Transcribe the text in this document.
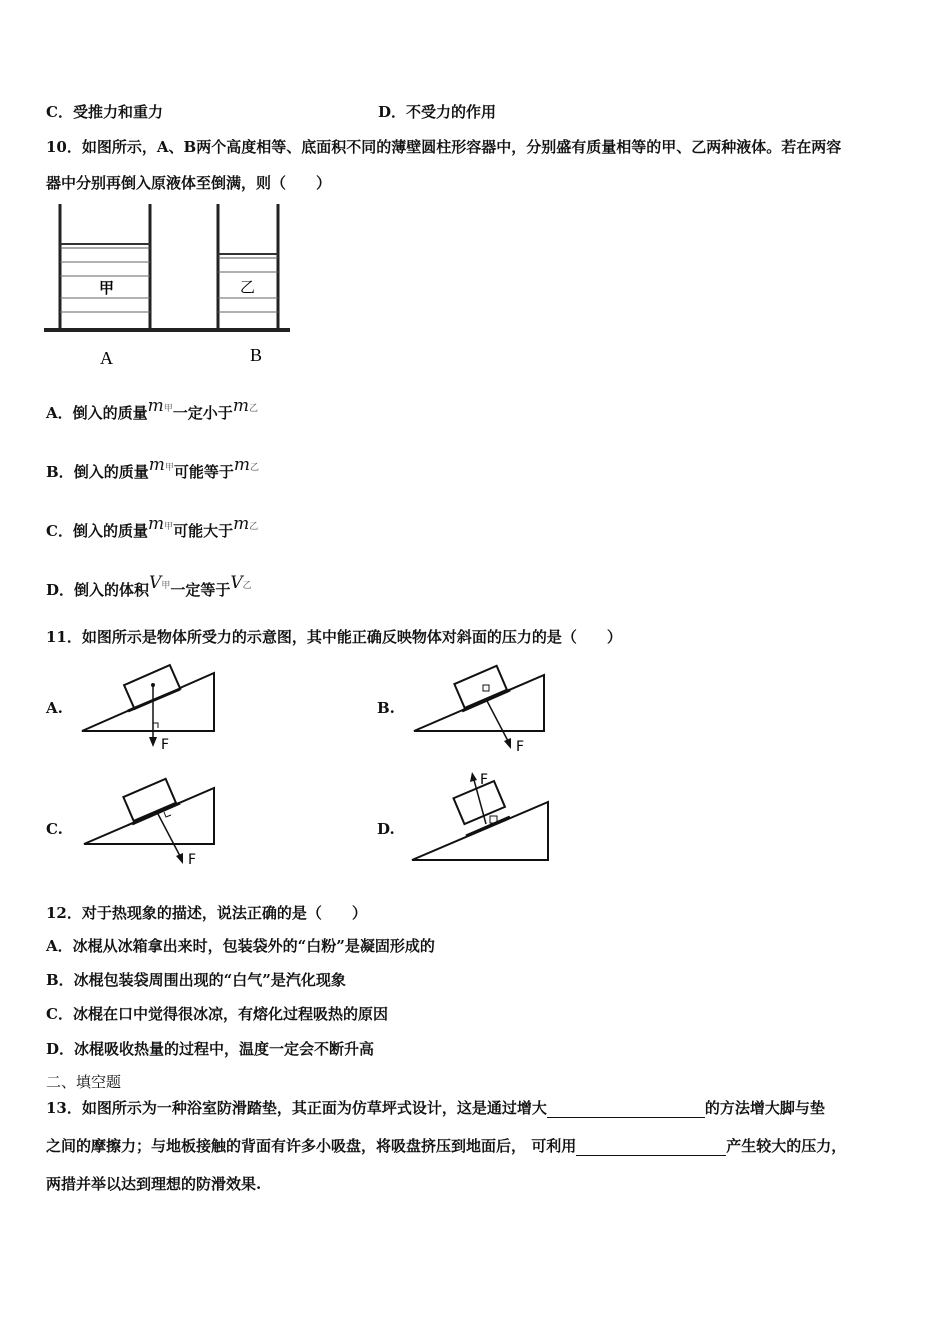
C．受推力和重力	D．不受力的作用
10．如图所示，A、B两个高度相等、底面积不同的薄壁圆柱形容器中，分别盛有质量相等的甲、乙两种液体。若在两容
器中分别再倒入原液体至倒满，则（　　）
甲	乙
A	B
A．倒入的质量m甲一定小于m乙
B．倒入的质量m甲可能等于m乙
C．倒入的质量m甲可能大于m乙
D．倒入的体积V甲一定等于V乙
11．如图所示是物体所受力的示意图，其中能正确反映物体对斜面的压力的是（　　）
A.	B.
C.	D.
F	F
F
F
12．对于热现象的描述，说法正确的是（　　）
A．冰棍从冰箱拿出来时，包装袋外的“白粉”是凝固形成的
B．冰棍包装袋周围出现的“白气”是汽化现象
C．冰棍在口中觉得很冰凉，有熔化过程吸热的原因
D．冰棍吸收热量的过程中，温度一定会不断升高
二、填空题
13．如图所示为一种浴室防滑踏垫，其正面为仿草坪式设计，这是通过增大	的方法增大脚与垫
之间的摩擦力；与地板接触的背面有许多小吸盘，将吸盘挤压到地面后， 可利用	产生较大的压力，
两措并举以达到理想的防滑效果.
